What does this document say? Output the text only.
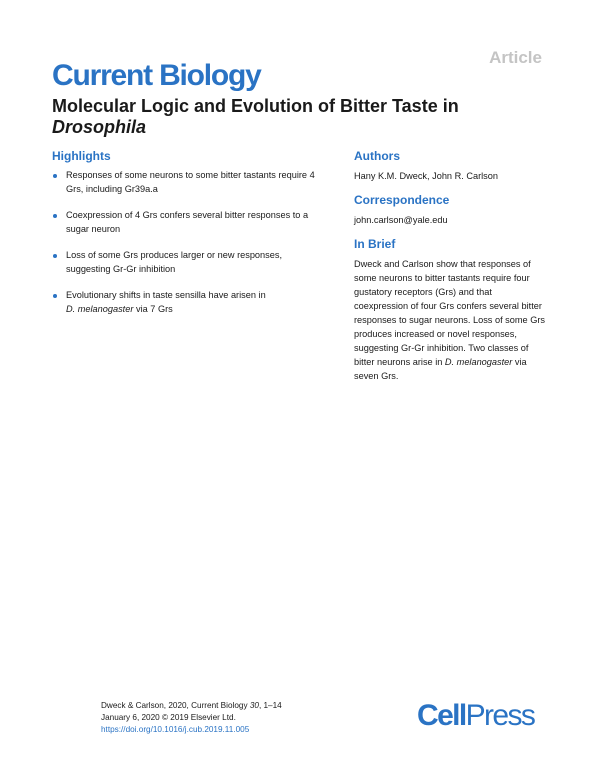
Article
Current Biology
Molecular Logic and Evolution of Bitter Taste in
Drosophila
Highlights
Responses of some neurons to some bitter tastants require 4 Grs, including Gr39a.a
Coexpression of 4 Grs confers several bitter responses to a sugar neuron
Loss of some Grs produces larger or new responses, suggesting Gr-Gr inhibition
Evolutionary shifts in taste sensilla have arisen in
D. melanogaster via 7 Grs
Authors

Hany K.M. Dweck, John R. Carlson

Correspondence

john.carlson@yale.edu

In Brief

Dweck and Carlson show that responses of some neurons to bitter tastants require four gustatory receptors (Grs) and that coexpression of four Grs confers several bitter responses to sugar neurons. Loss of some Grs produces increased or novel responses, suggesting Gr-Gr inhibition. Two classes of bitter neurons arise in D. melanogaster via seven Grs.

Dweck & Carlson, 2020, Current Biology 30, 1–14
January 6, 2020 © 2019 Elsevier Ltd.
https://doi.org/10.1016/j.cub.2019.11.005	CellPress
